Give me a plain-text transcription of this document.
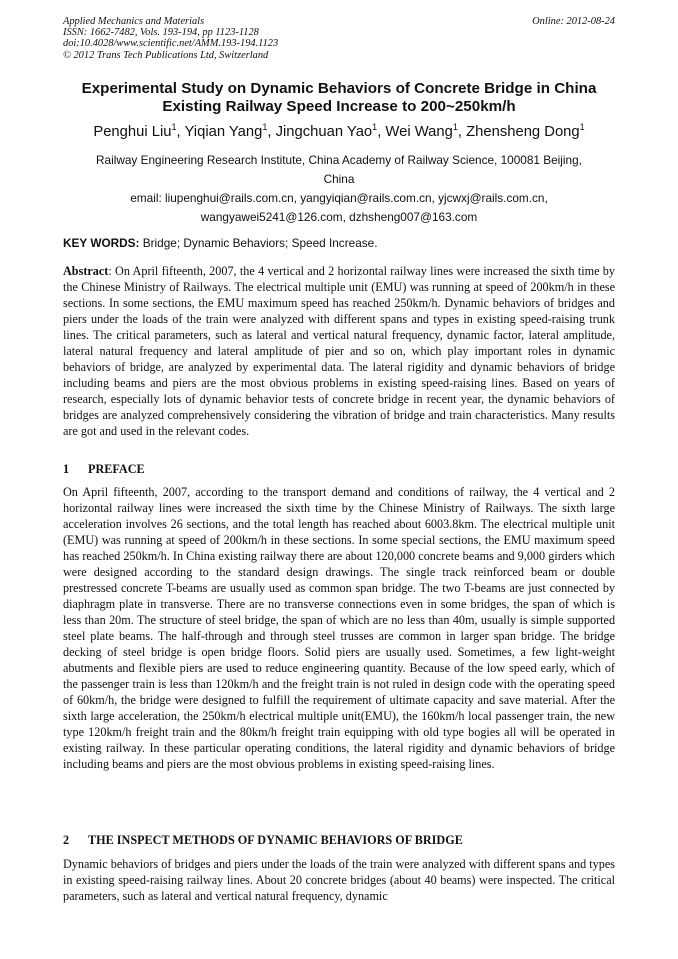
Applied Mechanics and Materials
ISSN: 1662-7482, Vols. 193-194, pp 1123-1128
doi:10.4028/www.scientific.net/AMM.193-194.1123
© 2012 Trans Tech Publications Ltd, Switzerland
Online: 2012-08-24
Experimental Study on Dynamic Behaviors of Concrete Bridge in China
Existing Railway Speed Increase to 200~250km/h
Penghui Liu$^1$, Yiqian Yang$^1$, Jingchuan Yao$^1$, Wei Wang$^1$, Zhensheng Dong$^1$
Railway Engineering Research Institute, China Academy of Railway Science, 100081 Beijing,
China
email: liupenghui@rails.com.cn, yangyiqian@rails.com.cn, yjcwxj@rails.com.cn,
wangyawei5241@126.com, dzhsheng007@163.com
KEY WORDS: Bridge; Dynamic Behaviors; Speed Increase.
Abstract: On April fifteenth, 2007, the 4 vertical and 2 horizontal railway lines were increased the sixth time by the Chinese Ministry of Railways. The electrical multiple unit (EMU) was running at speed of 200km/h in these sections. In some sections, the EMU maximum speed has reached 250km/h. Dynamic behaviors of bridges and piers under the loads of the train were analyzed with different spans and types in existing speed-raising trunk lines. The critical parameters, such as lateral and vertical natural frequency, dynamic factor, lateral amplitude, lateral natural frequency and lateral amplitude of pier and so on, which play important roles in dynamic behaviors of bridge, are analyzed by experimental data. The lateral rigidity and dynamic behaviors of bridge including beams and piers are the most obvious problems in existing speed-raising lines. Based on years of research, especially lots of dynamic behavior tests of concrete bridge in recent year, the dynamic behaviors of bridges are analyzed comprehensively considering the vibration of bridge and train characteristics. Many results are got and used in the relevant codes.
1 PREFACE
On April fifteenth, 2007, according to the transport demand and conditions of railway, the 4 vertical and 2 horizontal railway lines were increased the sixth time by the Chinese Ministry of Railways. The sixth large acceleration involves 26 sections, and the total length has reached about 6003.8km. The electrical multiple unit (EMU) was running at speed of 200km/h in these sections. In some special sections, the EMU maximum speed has reached 250km/h. In China existing railway there are about 120,000 concrete beams and 9,000 girders which were designed according to the standard design drawings. The single track reinforced beam or double prestressed concrete T-beams are usually used as common span bridge. The two T-beams are just connected by diaphragm plate in transverse. There are no transverse connections even in some bridges, the span of which is less than 20m. The structure of steel bridge, the span of which are no less than 40m, usually is simple supported steel plate beams. The half-through and through steel trusses are common in larger span bridge. The bridge decking of steel bridge is open bridge floors. Solid piers are usually used. Sometimes, a few light-weight abutments and flexible piers are used to reduce engineering quantity. Because of the low speed early, which of the passenger train is less than 120km/h and the freight train is not ruled in design code with the operating speed of 60km/h, the bridge were designed to fulfill the requirement of ultimate capacity and save material. After the sixth large acceleration, the 250km/h electrical multiple unit(EMU), the 160km/h local passenger train, the new type 120km/h freight train and the 80km/h freight train equipping with old type bogies all will be operated in existing railway. In these particular operating conditions, the lateral rigidity and dynamic behaviors of bridge including beams and piers are the most obvious problems in existing speed-raising lines.
2 THE INSPECT METHODS OF DYNAMIC BEHAVIORS OF BRIDGE
Dynamic behaviors of bridges and piers under the loads of the train were analyzed with different spans and types in existing speed-raising railway lines. About 20 concrete bridges (about 40 beams) were inspected. The critical parameters, such as lateral and vertical natural frequency, dynamic
